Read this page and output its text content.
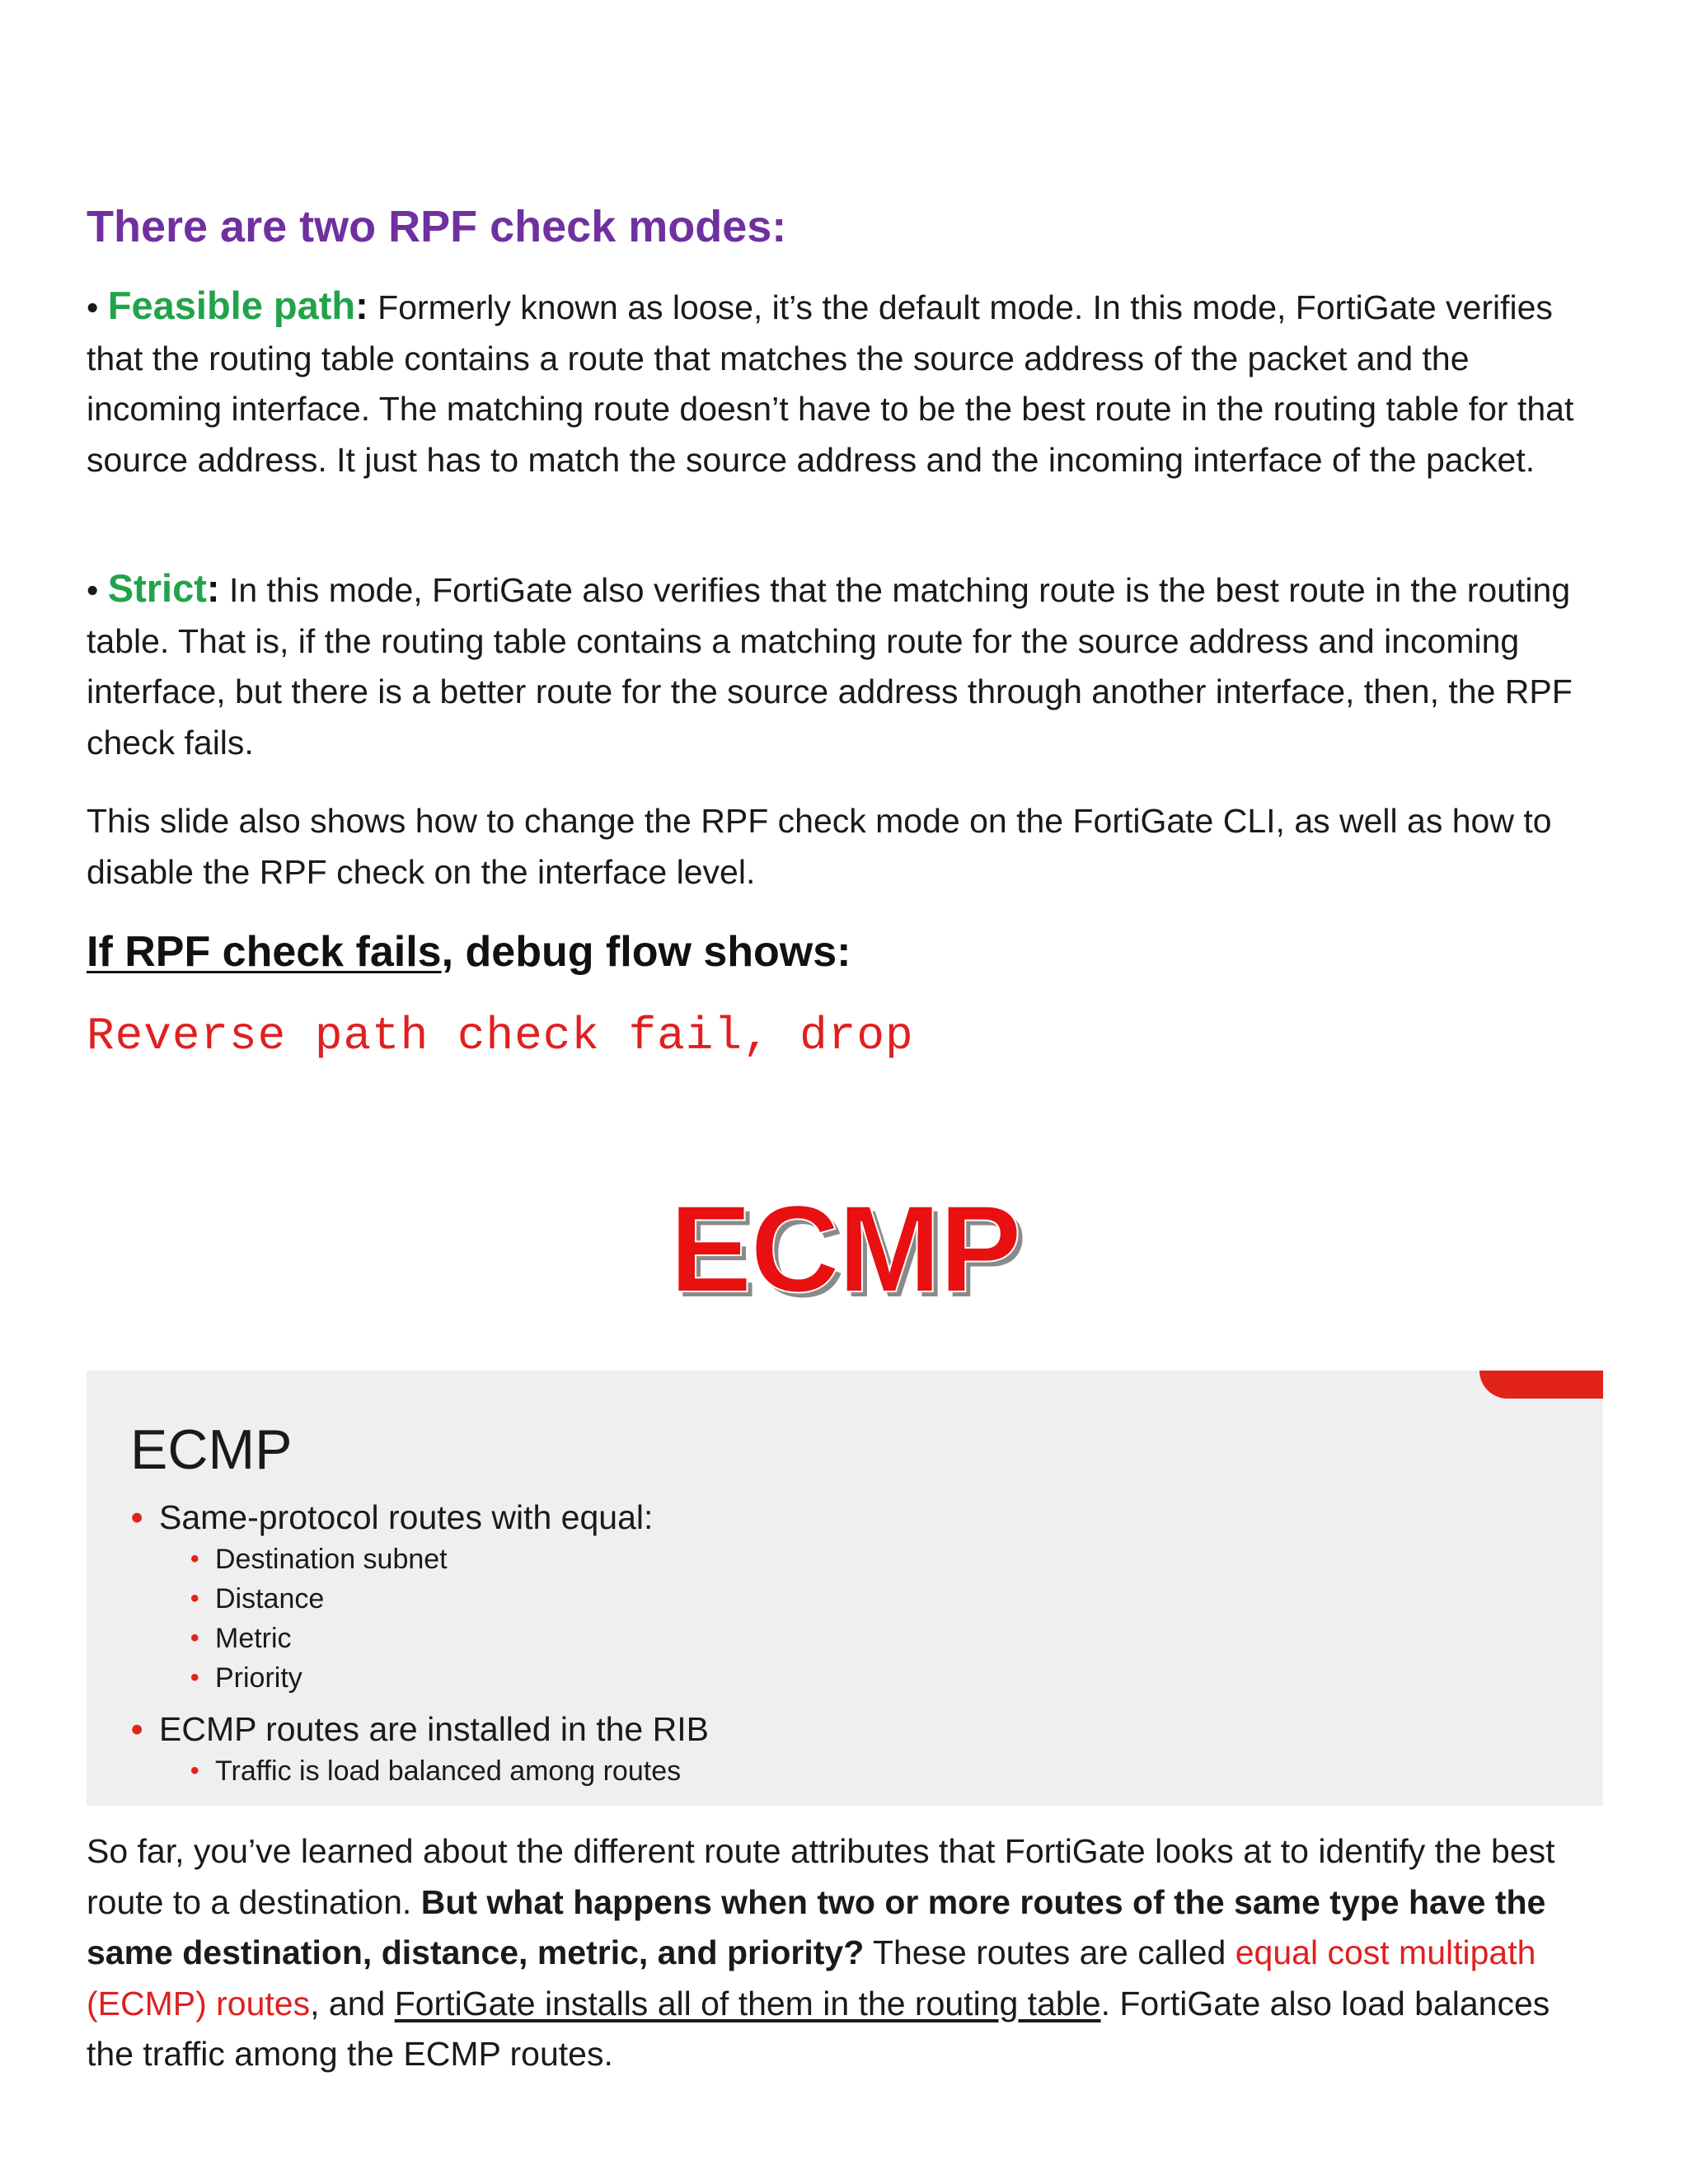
There are two RPF check modes:

• Feasible path: Formerly known as loose, it’s the default mode. In this mode, FortiGate verifies that the routing table contains a route that matches the source address of the packet and the incoming interface. The matching route doesn’t have to be the best route in the routing table for that source address. It just has to match the source address and the incoming interface of the packet.

• Strict: In this mode, FortiGate also verifies that the matching route is the best route in the routing table. That is, if the routing table contains a matching route for the source address and incoming interface, but there is a better route for the source address through another interface, then, the RPF check fails.

This slide also shows how to change the RPF check mode on the FortiGate CLI, as well as how to disable the RPF check on the interface level.

If RPF check fails, debug flow shows:

Reverse path check fail, drop

ECMP
ECMP

• Same-protocol routes with equal:

• Destination subnet

• Distance

• Metric

• Priority

• ECMP routes are installed in the RIB

• Traffic is load balanced among routes

So far, you’ve learned about the different route attributes that FortiGate looks at to identify the best route to a destination. But what happens when two or more routes of the same type have the same destination, distance, metric, and priority? These routes are called equal cost multipath (ECMP) routes, and FortiGate installs all of them in the routing table. FortiGate also load balances the traffic among the ECMP routes.
